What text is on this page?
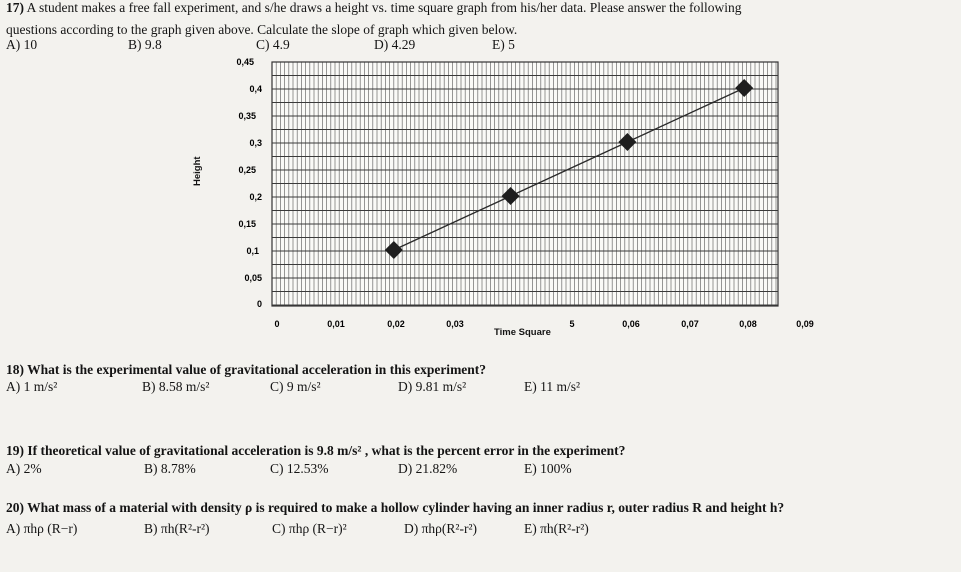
17) A student makes a free fall experiment, and s/he draws a height vs. time square graph from his/her data. Please answer the following
questions according to the graph given above. Calculate the slope of graph which given below.
A) 10	B) 9.8	C) 4.9	D) 4.29	E) 5
0
0,05
0,1
0,15
0,2
0,25
0,3
0,35
0,4
0,45
0	0,01	0,02	0,03	5	0,06	0,07	0,08	0,09
Height
Time Square
18) What is the experimental value of gravitational acceleration in this experiment?
A) 1 m/s²	B) 8.58 m/s²	C) 9 m/s²	D) 9.81 m/s²	E) 11 m/s²
19) If theoretical value of gravitational acceleration is 9.8 m/s² , what is the percent error in the experiment?
A) 2%	B) 8.78%	C) 12.53%	D) 21.82%	E) 100%
20) What mass of a material with density ρ is required to make a hollow cylinder having an inner radius r, outer radius R and height h?
A) πhρ (R−r)	B) πh(R²-r²)	C) πhρ (R−r)²	D) πhρ(R²-r²)	E) πh(R²-r²)
